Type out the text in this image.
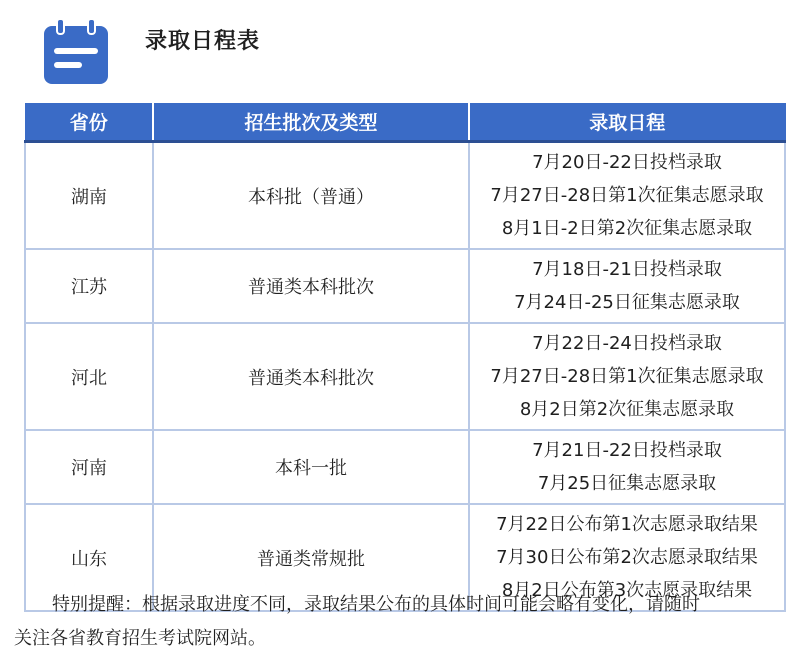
录取日程表
省份	招生批次及类型	录取日程
湖南	本科批（普通）	7月20日-22日投档录取
7月27日-28日第1次征集志愿录取
8月1日-2日第2次征集志愿录取

江苏	普通类本科批次	7月18日-21日投档录取
7月24日-25日征集志愿录取

河北	普通类本科批次	7月22日-24日投档录取
7月27日-28日第1次征集志愿录取
8月2日第2次征集志愿录取

河南	本科一批	7月21日-22日投档录取
7月25日征集志愿录取

山东	普通类常规批	7月22日公布第1次志愿录取结果
7月30日公布第2次志愿录取结果
8月2日公布第3次志愿录取结果
特别提醒：根据录取进度不同，录取结果公布的具体时间可能会略有变化，请随时
关注各省教育招生考试院网站。
